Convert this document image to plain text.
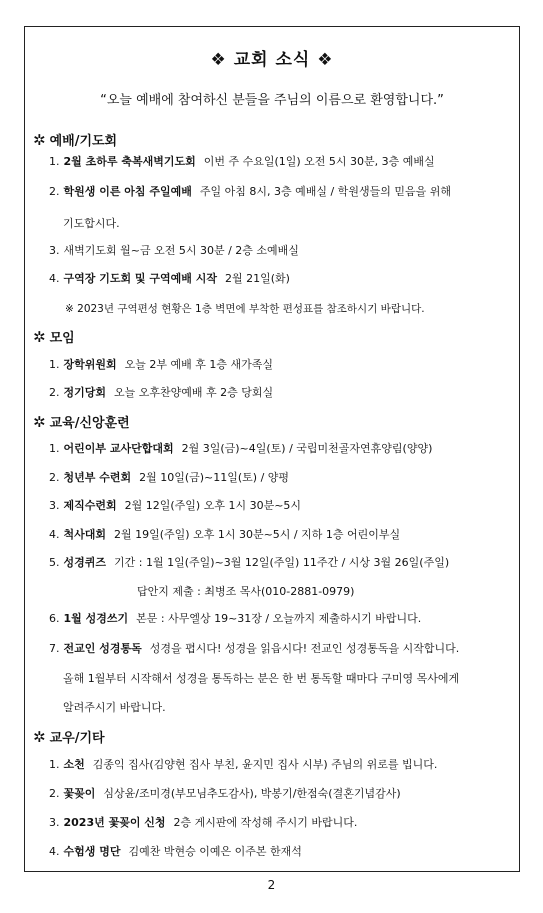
❖ 교회 소식 ❖
“오늘 예배에 참여하신 분들을 주님의 이름으로 환영합니다.”
✲ 예배/기도회
1. 2월 초하루 축복새벽기도회 이번 주 수요일(1일) 오전 5시 30분, 3층 예배실
2. 학원생 이른 아침 주일예배 주일 아침 8시, 3층 예배실 / 학원생들의 믿음을 위해
기도합시다.
3. 새벽기도회 월~금 오전 5시 30분 / 2층 소예배실
4. 구역장 기도회 및 구역예배 시작 2월 21일(화)
※ 2023년 구역편성 현황은 1층 벽면에 부착한 편성표를 참조하시기 바랍니다.
✲ 모임
1. 장학위원회 오늘 2부 예배 후 1층 새가족실
2. 정기당회 오늘 오후찬양예배 후 2층 당회실
✲ 교육/신앙훈련
1. 어린이부 교사단합대회 2월 3일(금)~4일(토) / 국립미천골자연휴양림(양양)
2. 청년부 수련회 2월 10일(금)~11일(토) / 양평
3. 제직수련회 2월 12일(주일) 오후 1시 30분~5시
4. 척사대회 2월 19일(주일) 오후 1시 30분~5시 / 지하 1층 어린이부실
5. 성경퀴즈 기간 : 1월 1일(주일)~3월 12일(주일) 11주간 / 시상 3월 26일(주일)
답안지 제출 : 최병조 목사(010-2881-0979)
6. 1월 성경쓰기 본문 : 사무엘상 19~31장 / 오늘까지 제출하시기 바랍니다.
7. 전교인 성경통독 성경을 폅시다! 성경을 읽읍시다! 전교인 성경통독을 시작합니다.
올해 1월부터 시작해서 성경을 통독하는 분은 한 번 통독할 때마다 구미영 목사에게
알려주시기 바랍니다.
✲ 교우/기타
1. 소천 김종익 집사(김양현 집사 부친, 윤지민 집사 시부) 주님의 위로를 빕니다.
2. 꽃꽂이 심상윤/조미경(부모님추도감사), 박봉기/한점숙(결혼기념감사)
3. 2023년 꽃꽂이 신청 2층 게시판에 작성해 주시기 바랍니다.
4. 수험생 명단 김예찬 박현승 이예은 이주본 한재석
2
